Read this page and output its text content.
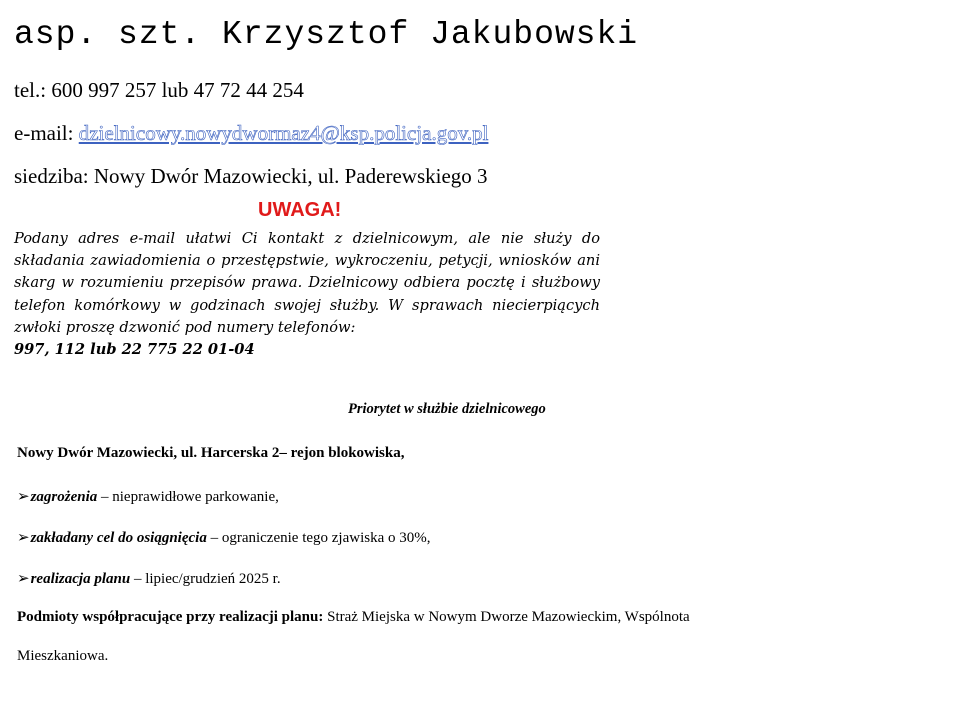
asp. szt. Krzysztof Jakubowski
tel.: 600 997 257 lub 47 72 44 254
e-mail: dzielnicowy.nowydwormaz4@ksp.policja.gov.pl
siedziba: Nowy Dwór Mazowiecki, ul. Paderewskiego 3
UWAGA!
Podany adres e-mail ułatwi Ci kontakt z dzielnicowym, ale nie służy do składania zawiadomienia o przestępstwie, wykroczeniu, petycji, wniosków ani skarg w rozumieniu przepisów prawa. Dzielnicowy odbiera pocztę i służbowy telefon komórkowy w godzinach swojej służby. W sprawach niecierpiących zwłoki proszę dzwonić pod numery telefonów:
997, 112 lub 22 775 22 01-04
Priorytet w służbie dzielnicowego
Nowy Dwór Mazowiecki, ul. Harcerska 2– rejon blokowiska,
➢zagrożenia – nieprawidłowe parkowanie,
➢zakładany cel do osiągnięcia – ograniczenie tego zjawiska o 30%,
➢realizacja planu – lipiec/grudzień 2025 r.
Podmioty współpracujące przy realizacji planu: Straż Miejska w Nowym Dworze Mazowieckim, Wspólnota
Mieszkaniowa.
